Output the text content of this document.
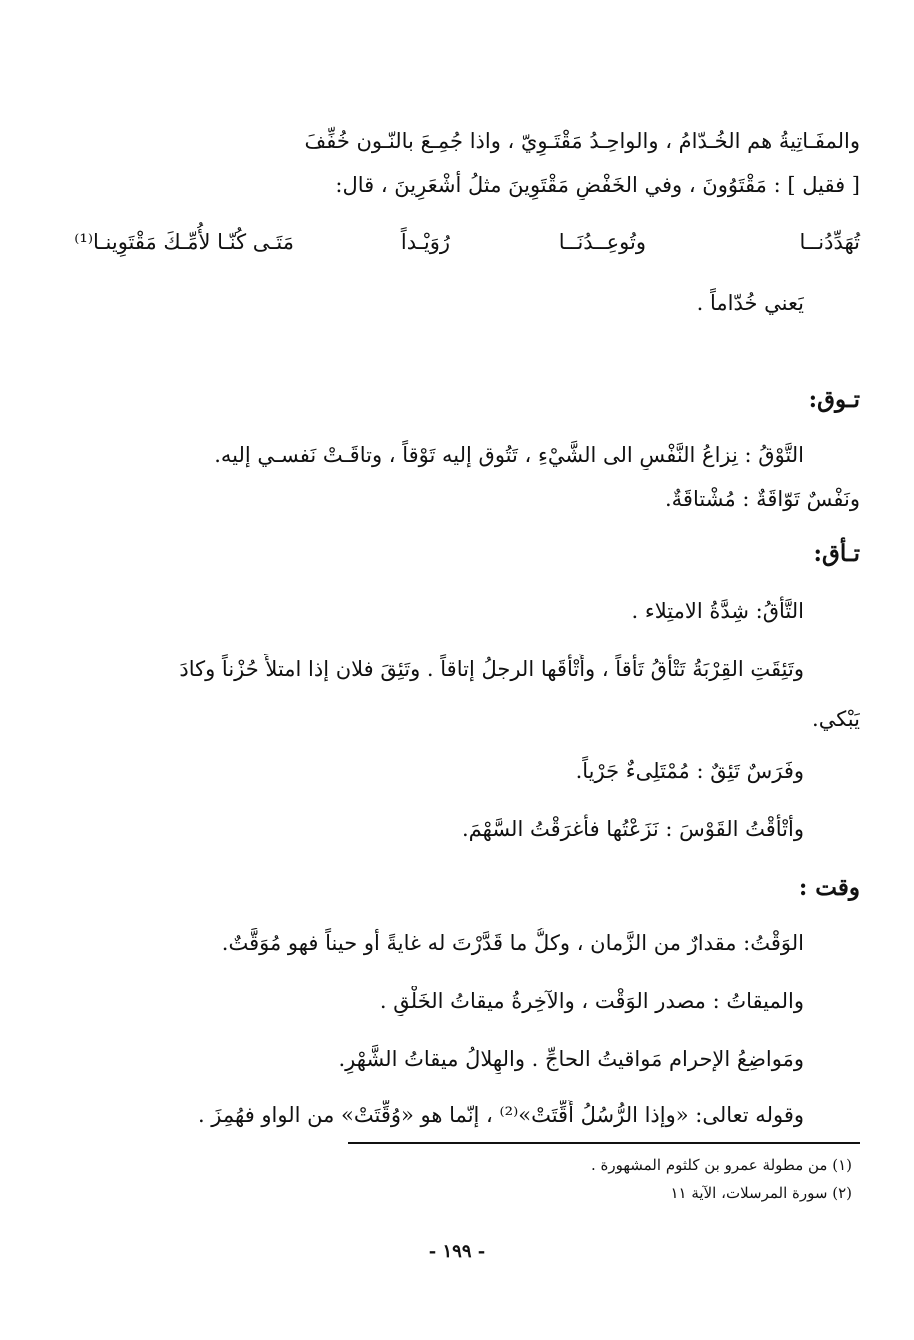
والمفَـاتِيةُ هم الخُـدّامُ ، والواحِـدُ مَقْتَـوِيّ ، واذا جُمِـعَ بالنّـون خُفِّفَ
[ فقيل ] : مَقْتَوُونَ ، وفي الخَفْضِ مَقْتَوِينَ مثلُ أشْعَرِينَ ، قال:
تُهَدِّدُنــا
وتُوعِــدُنَــا
رُوَيْـداً
مَتَـى كُنّـا لأُمِّـكَ مَقْتَوِينـا⁽¹⁾
يَعني خُدّاماً .
تـوق:
التَّوْقُ : نِزاعُ النَّفْسِ الى الشَّيْءِ ، تَتُوق إليه تَوْقاً ، وتاقَـتْ نَفسـي إليه.
ونَفْسٌ تَوّاقَةٌ : مُشْتاقَةٌ.
تـأق:
التَّأَقُ: شِدَّةُ الامتِلاء .
وتَئِقَتِ القِرْبَةُ تَتْأَقُ تَأَقاً ، وأَتْأَقَها الرجلُ إتاقاً . وتَئِقَ فلان إذا امتلأَ حُزْناً وكادَ
يَبْكي.
وفَرَسٌ تَئِقٌ : مُمْتَلِىءٌ جَرْياً.
وأتْأَقْتُ القَوْسَ : نَزَعْتُها فأغرَقْتُ السَّهْمَ.
وقت :
الوَقْتُ: مقدارٌ من الزَّمان ، وكلُّ ما قَدَّرْتَ له غايةً أو حيناً فهو مُوَقَّتٌ.
والميقاتُ : مصدر الوَقْت ، والآخِرةُ ميقاتُ الخَلْقِ .
ومَواضِعُ الإحرام مَواقيتُ الحاجِّ . والهِلالُ ميقاتُ الشَّهْرِ.
وقوله تعالى: «وإذا الرُّسُلُ أُقِّتَتْ»⁽²⁾ ، إنّما هو «وُقِّتَتْ» من الواو فهُمِزَ .
(١) من مطولة عمرو بن كلثوم المشهورة .
(٢) سورة المرسلات، الآية ١١
- ١٩٩ -
